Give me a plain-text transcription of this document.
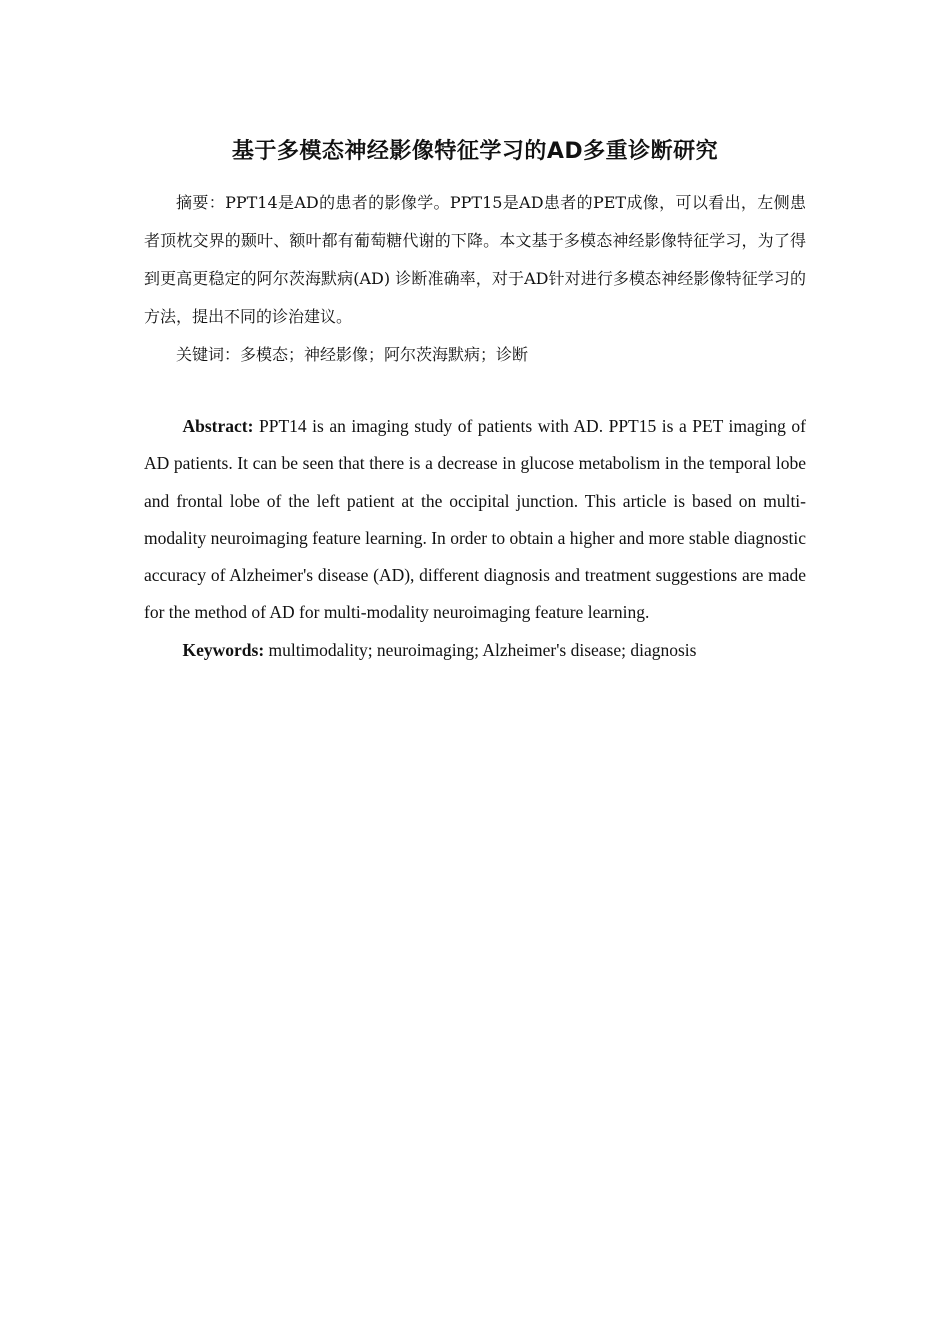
基于多模态神经影像特征学习的AD多重诊断研究

摘要：PPT14是AD的患者的影像学。PPT15是AD患者的PET成像，可以看出，左侧患者顶枕交界的颞叶、额叶都有葡萄糖代谢的下降。本文基于多模态神经影像特征学习，为了得到更高更稳定的阿尔茨海默病(AD) 诊断准确率，对于AD针对进行多模态神经影像特征学习的方法，提出不同的诊治建议。

关键词：多模态；神经影像；阿尔茨海默病；诊断

Abstract: PPT14 is an imaging study of patients with AD. PPT15 is a PET imaging of AD patients. It can be seen that there is a decrease in glucose metabolism in the temporal lobe and frontal lobe of the left patient at the occipital junction. This article is based on multi-modality neuroimaging feature learning. In order to obtain a higher and more stable diagnostic accuracy of Alzheimer's disease (AD), different diagnosis and treatment suggestions are made for the method of AD for multi-modality neuroimaging feature learning.

Keywords: multimodality; neuroimaging; Alzheimer's disease; diagnosis
